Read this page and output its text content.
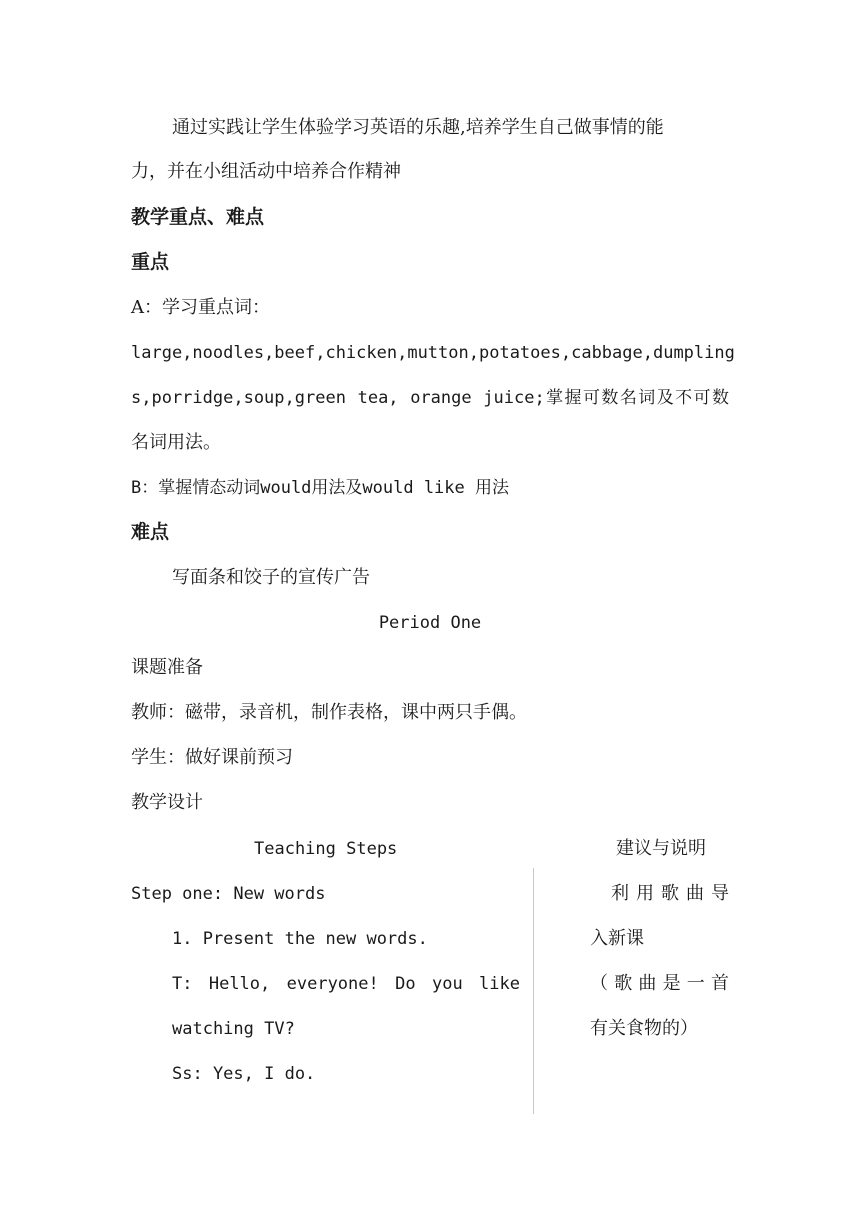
通过实践让学生体验学习英语的乐趣,培养学生自己做事情的能
力，并在小组活动中培养合作精神
教学重点、难点
重点
A：学习重点词：
large,noodles,beef,chicken,mutton,potatoes,cabbage,dumpling
s,porridge,soup,green tea, orange juice;掌握可数名词及不可数
名词用法。
B：掌握情态动词would用法及would like 用法
难点
写面条和饺子的宣传广告
Period One
课题准备
教师：磁带，录音机，制作表格，课中两只手偶。
学生：做好课前预习
教学设计
Teaching Steps	建议与说明
Step one: New words
1. Present the new words.
T: Hello, everyone! Do you like
watching TV?
Ss: Yes, I do.
利用歌曲导
入新课
（歌曲是一首
有关食物的）
